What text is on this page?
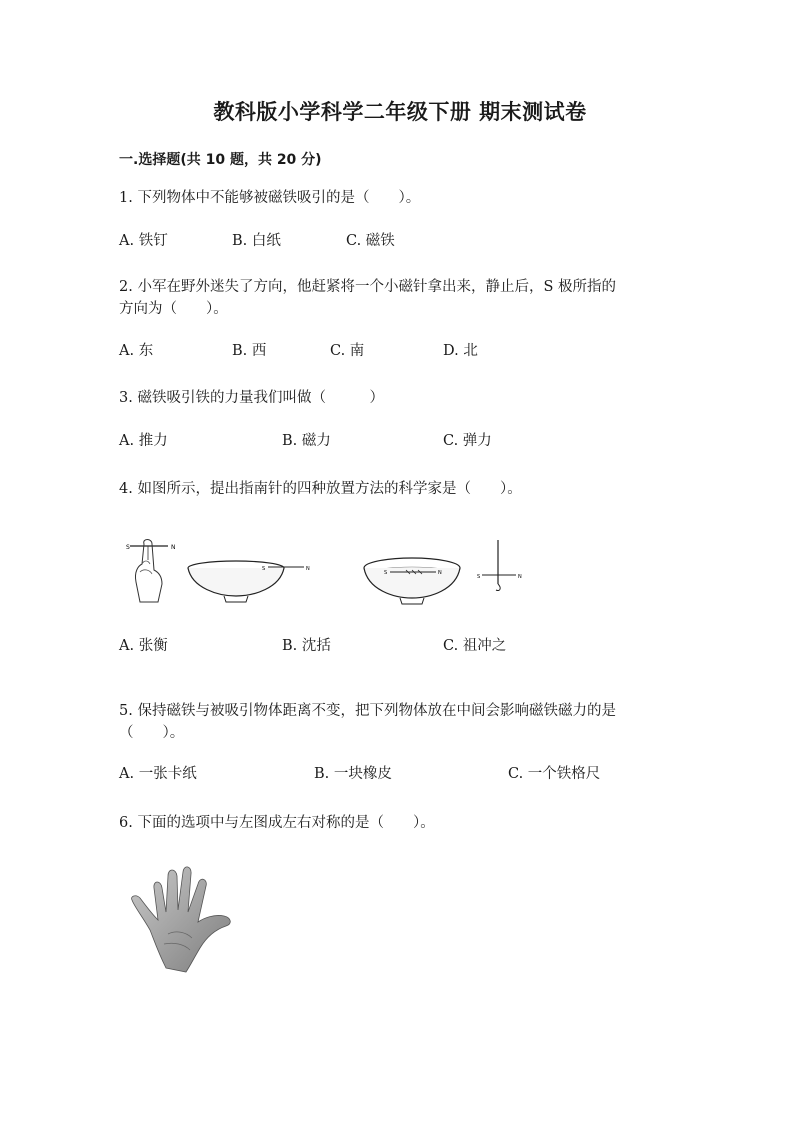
教科版小学科学二年级下册 期末测试卷
一.选择题(共 10 题，共 20 分)
1. 下列物体中不能够被磁铁吸引的是（　　）。
A. 铁钉	B. 白纸	C. 磁铁
2. 小军在野外迷失了方向，他赶紧将一个小磁针拿出来，静止后，S 极所指的
方向为（　　）。
A. 东	B. 西	C. 南	D. 北
3. 磁铁吸引铁的力量我们叫做（　　　）
A. 推力	B. 磁力	C. 弹力
4. 如图所示，提出指南针的四种放置方法的科学家是（　　）。
S	N
S	N
S	N
S	N
A. 张衡	B. 沈括	C. 祖冲之
5. 保持磁铁与被吸引物体距离不变，把下列物体放在中间会影响磁铁磁力的是
（　　）。
A. 一张卡纸	B. 一块橡皮	C. 一个铁格尺
6. 下面的选项中与左图成左右对称的是（　　）。
